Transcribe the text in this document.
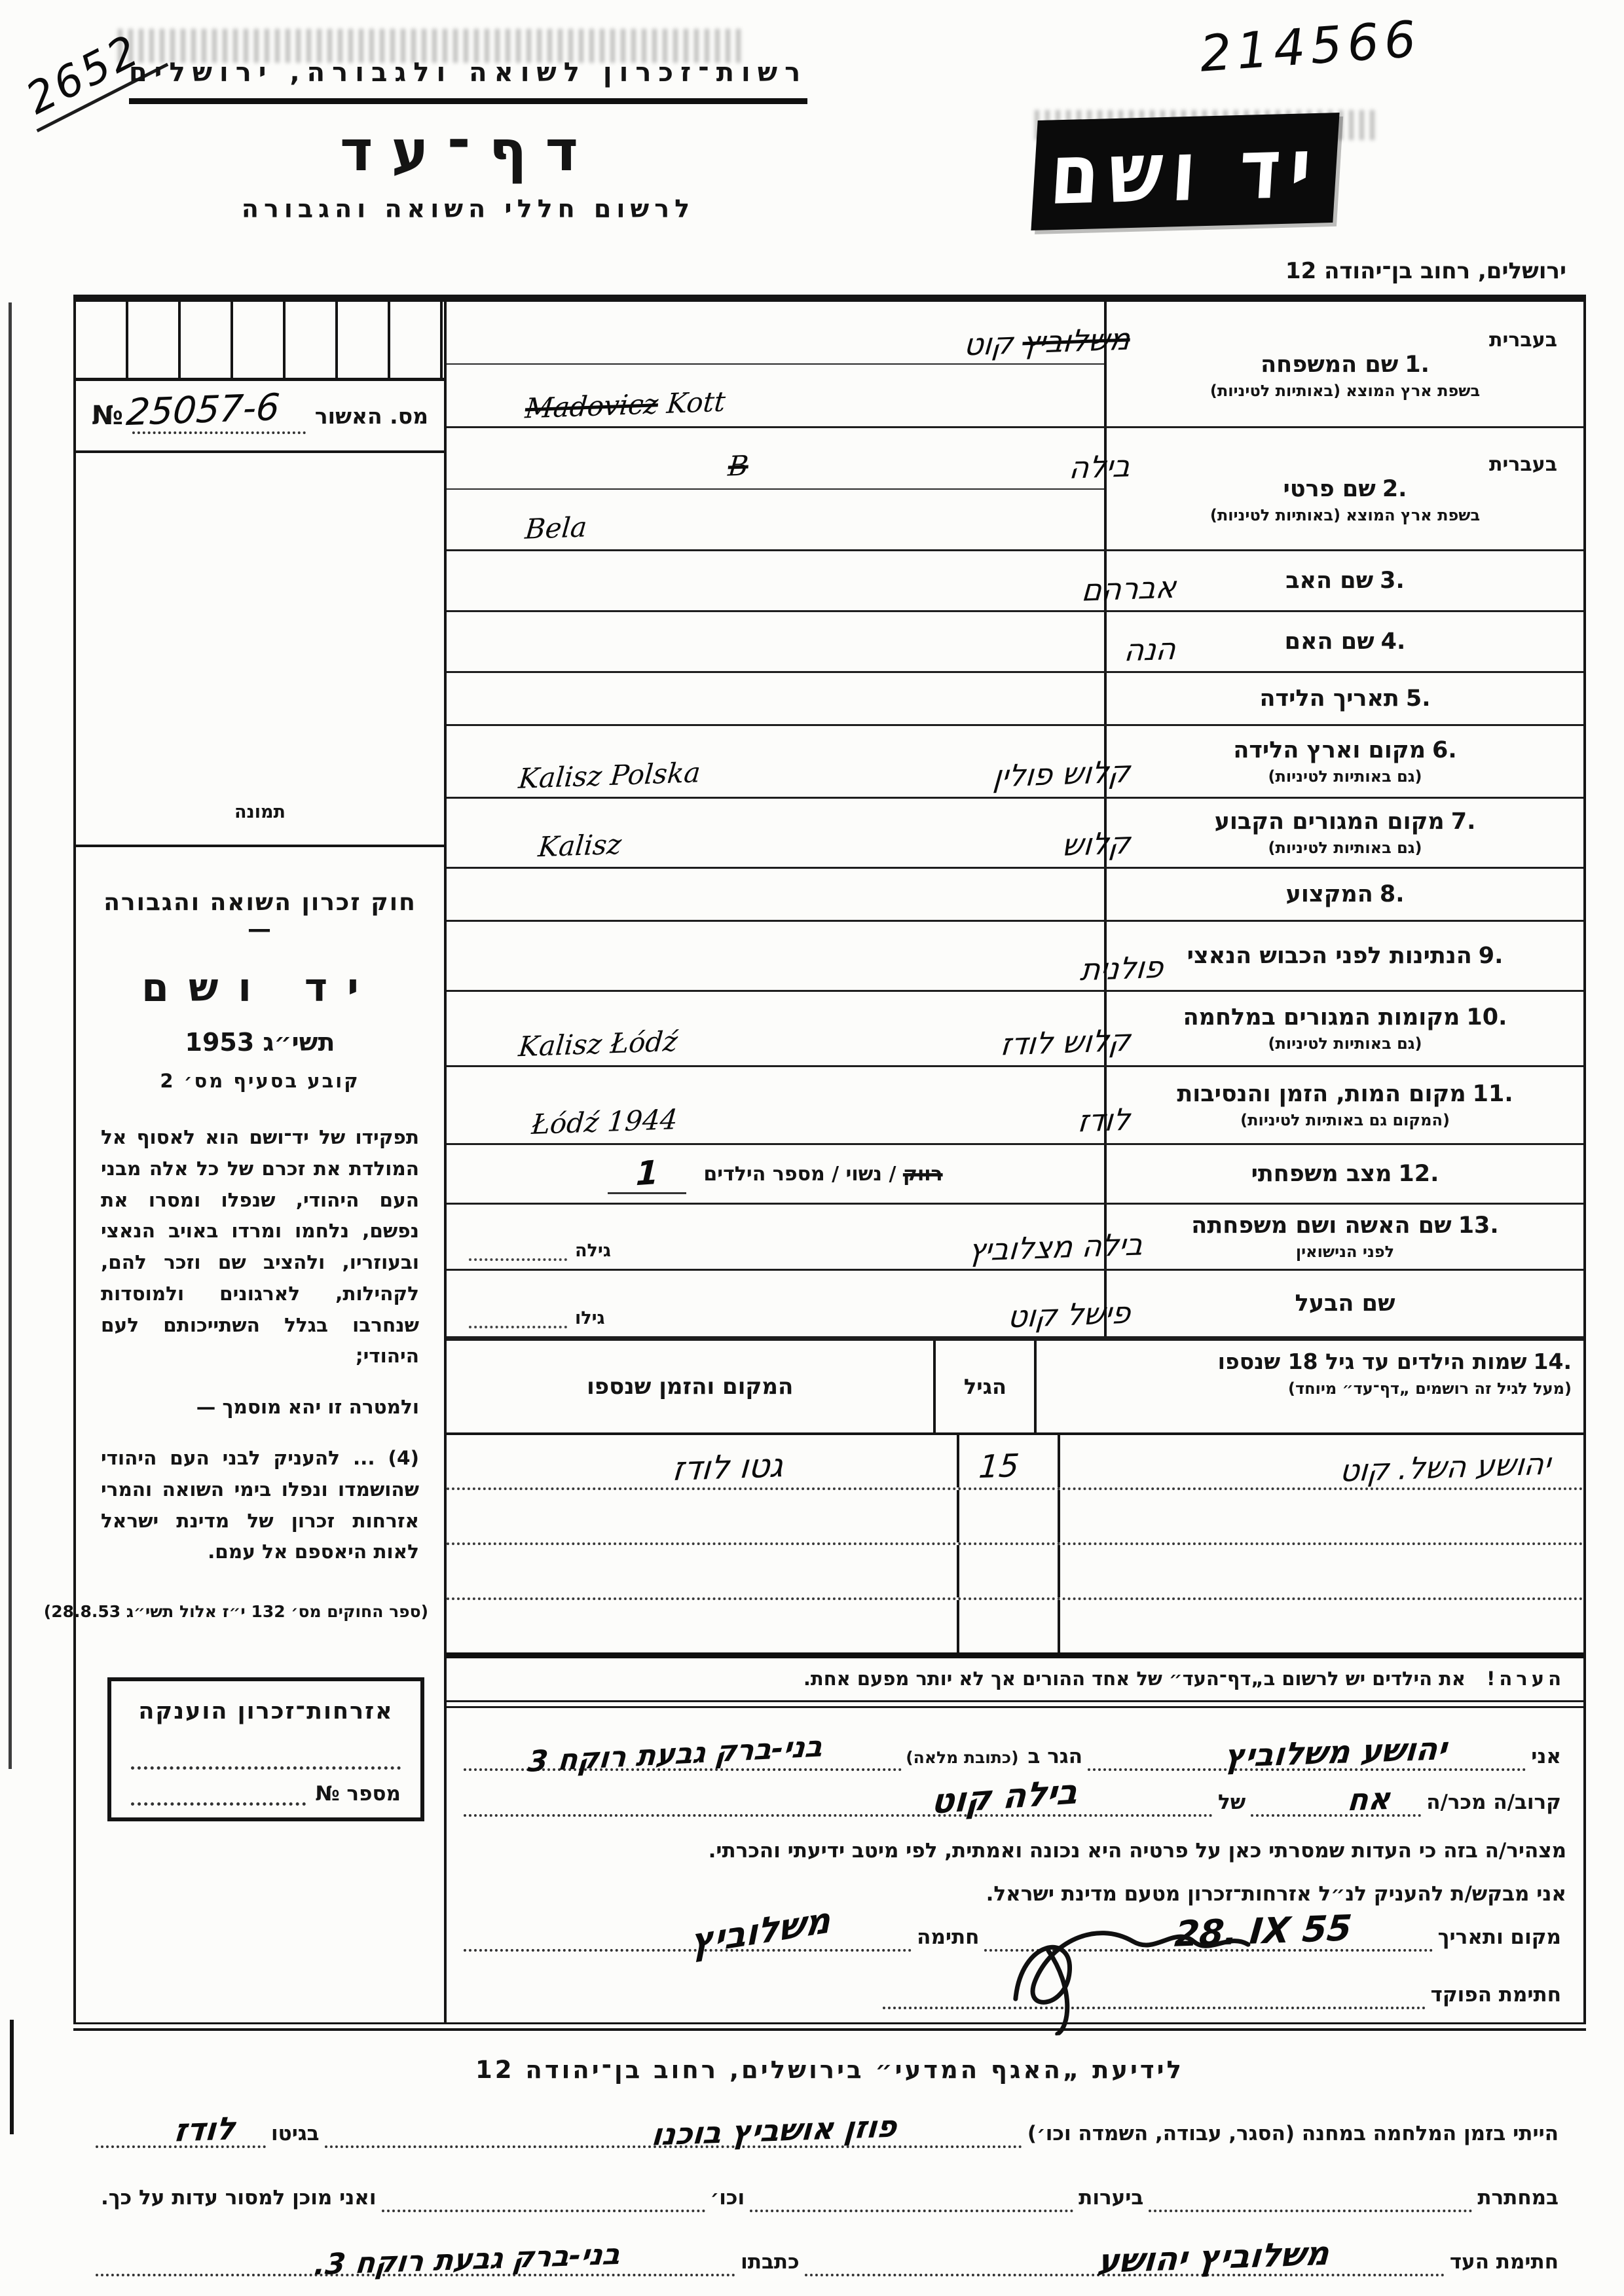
2652	214566
רשות־זכרון לשואה ולגבורה, ירושלים
דף־עד
לרשום חללי השואה והגבורה	יד ושם
ירושלים, רחוב בן־יהודה 12
מס. האשור
25057-6
№
תמונה
חוק זכרון השואה והגבורה —
יד ושם
תשי״ג 1953
קובע בסעיף מס׳ 2
תפקידו של יד־ושם הוא לאסוף אל המולדת את זכרם של כל אלה מבני העם היהודי, שנפלו ומסרו את נפשם, נלחמו ומרדו באויב הנאצי ובעוזריו, ולהציב שם וזכר להם, לקהילות, לארגונים ולמוסדות שנחרבו בגלל השתייכותם לעם היהודי;
ולמטרה זו יהא מוסמך —
‎...‎ (4) להעניק לבני העם היהודי שהושמדו ונפלו בימי השואה והמרי אזרחות זכרון של מדינת ישראל לאות היאספם אל עמם.
(ספר החוקים מס׳ 132 י״ז אלול תשי״ג 28.8.53)
אזרחות־זכרון הוענקה
מספר №
בעברית
1.שם המשפחה
בשפת ארץ המוצא (באותיות לטיניות)
משלוביץ קוט
Madovicz Kott
בעברית
2.שם פרטי
בשפת ארץ המוצא (באותיות לטיניות)
בילה
B
Bela
3.שם האב
אברהם
4.שם האם
הנה
5.תאריך הלידה
6.מקום וארץ הלידה
(גם באותיות לטיניות)
קלוש פולין
Kalisz Polska
7.מקום המגורים הקבוע
(גם באותיות לטיניות)
קלוש
Kalisz
8.המקצוע
9.הנתינות לפני הכבוש הנאצי
פולנית
10.מקומות המגורים במלחמה
(גם באותיות לטיניות)
קלוש לודז
Kalisz Łódź
11.מקום המות, הזמן והנסיבות
(המקום גם באותיות לטיניות)
לודז
Łódź 1944
12.מצב משפחתי
רווק / נשוי / מספר הילדים
1
13.שם האשה ושם משפחתה
לפני הנישואין
בילה מצלוביץ
גילה
שם הבעל
פישל קוט
גילו
14.שמות הילדים עד גיל 18 שנספו
(מעל לגיל זה רושמים „דף־עד״ מיוחד)
הגיל
המקום והזמן שנספו
יהושע השל. קוט
15
גטו לודז
הערה! את הילדים יש לרשום ב„דף־העד״ של אחד ההורים אך לא יותר מפעם אחת.
אני
יהושע משלוביץ
הגר ב
(כתובת מלאה)
בני-ברק גבעת רוקח 3
קרוב/ה מכר/ה
אח
של
בילה קוט
מצהיר/ה בזה כי העדות שמסרתי כאן על פרטיה היא נכונה ואמתית, לפי מיטב ידיעתי והכרתי.
אני מבקש/ת להעניק לנ״ל אזרחות־זכרון מטעם מדינת ישראל.
מקום ותאריך
28. IX 55
חתימה
משלוביץ
חתימת הפוקד
לידיעת „האגף המדעי״ בירושלים, רחוב בן־יהודה 12
הייתי בזמן המלחמה במחנה (הסגר, עבודה, השמדה וכו׳)
פוזן אושביץ בוכנו
בגיטו
לודז
במחתרת
ביערות
וכו׳
ואני מוכן למסור עדות על כך.
חתימת העד
משלוביץ יהושע
כתבתו
בני-ברק גבעת רוקח 3.
